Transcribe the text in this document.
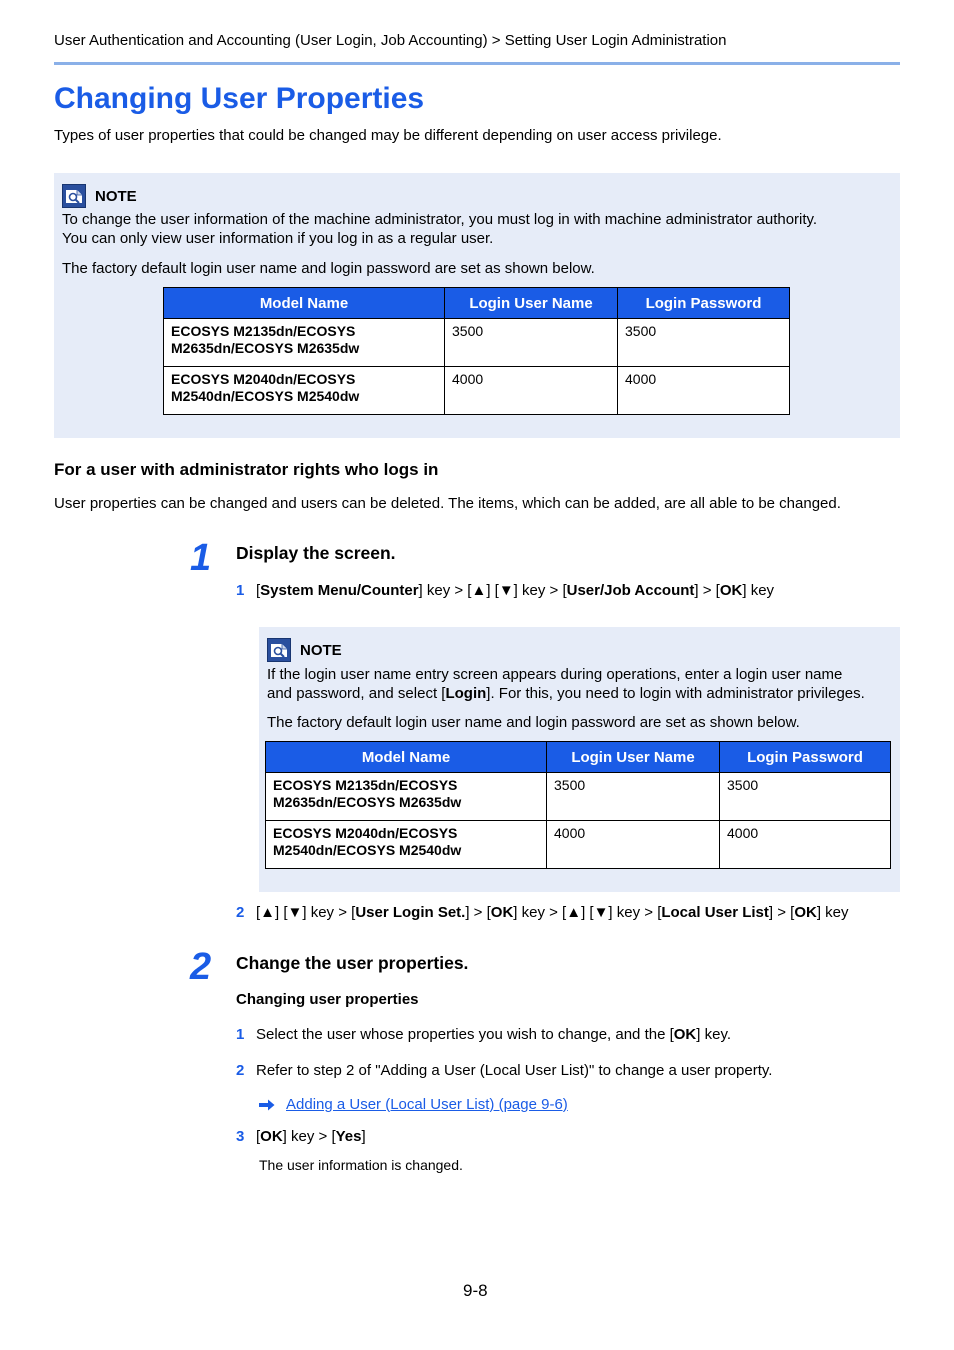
User Authentication and Accounting (User Login, Job Accounting) > Setting User Login Administration
Changing User Properties
Types of user properties that could be changed may be different depending on user access privilege.
NOTE
To change the user information of the machine administrator, you must log in with machine administrator authority.
You can only view user information if you log in as a regular user.
The factory default login user name and login password are set as shown below.
Model Name	Login User Name	Login Password
ECOSYS M2135dn/ECOSYS
M2635dn/ECOSYS M2635dw	3500	3500
ECOSYS M2040dn/ECOSYS
M2540dn/ECOSYS M2540dw	4000	4000
For a user with administrator rights who logs in
User properties can be changed and users can be deleted. The items, which can be added, are all able to be changed.
1 Display the screen.
1 [System Menu/Counter] key > [▲] [▼] key > [User/Job Account] > [OK] key
NOTE
If the login user name entry screen appears during operations, enter a login user name
and password, and select [Login]. For this, you need to login with administrator privileges.
The factory default login user name and login password are set as shown below.
Model Name	Login User Name	Login Password
ECOSYS M2135dn/ECOSYS
M2635dn/ECOSYS M2635dw	3500	3500
ECOSYS M2040dn/ECOSYS
M2540dn/ECOSYS M2540dw	4000	4000
2 [▲] [▼] key > [User Login Set.] > [OK] key > [▲] [▼] key > [Local User List] > [OK] key
2 Change the user properties.
Changing user properties
1 Select the user whose properties you wish to change, and the [OK] key.
2 Refer to step 2 of "Adding a User (Local User List)" to change a user property.
Adding a User (Local User List) (page 9-6)
3 [OK] key > [Yes]
The user information is changed.
9-8
